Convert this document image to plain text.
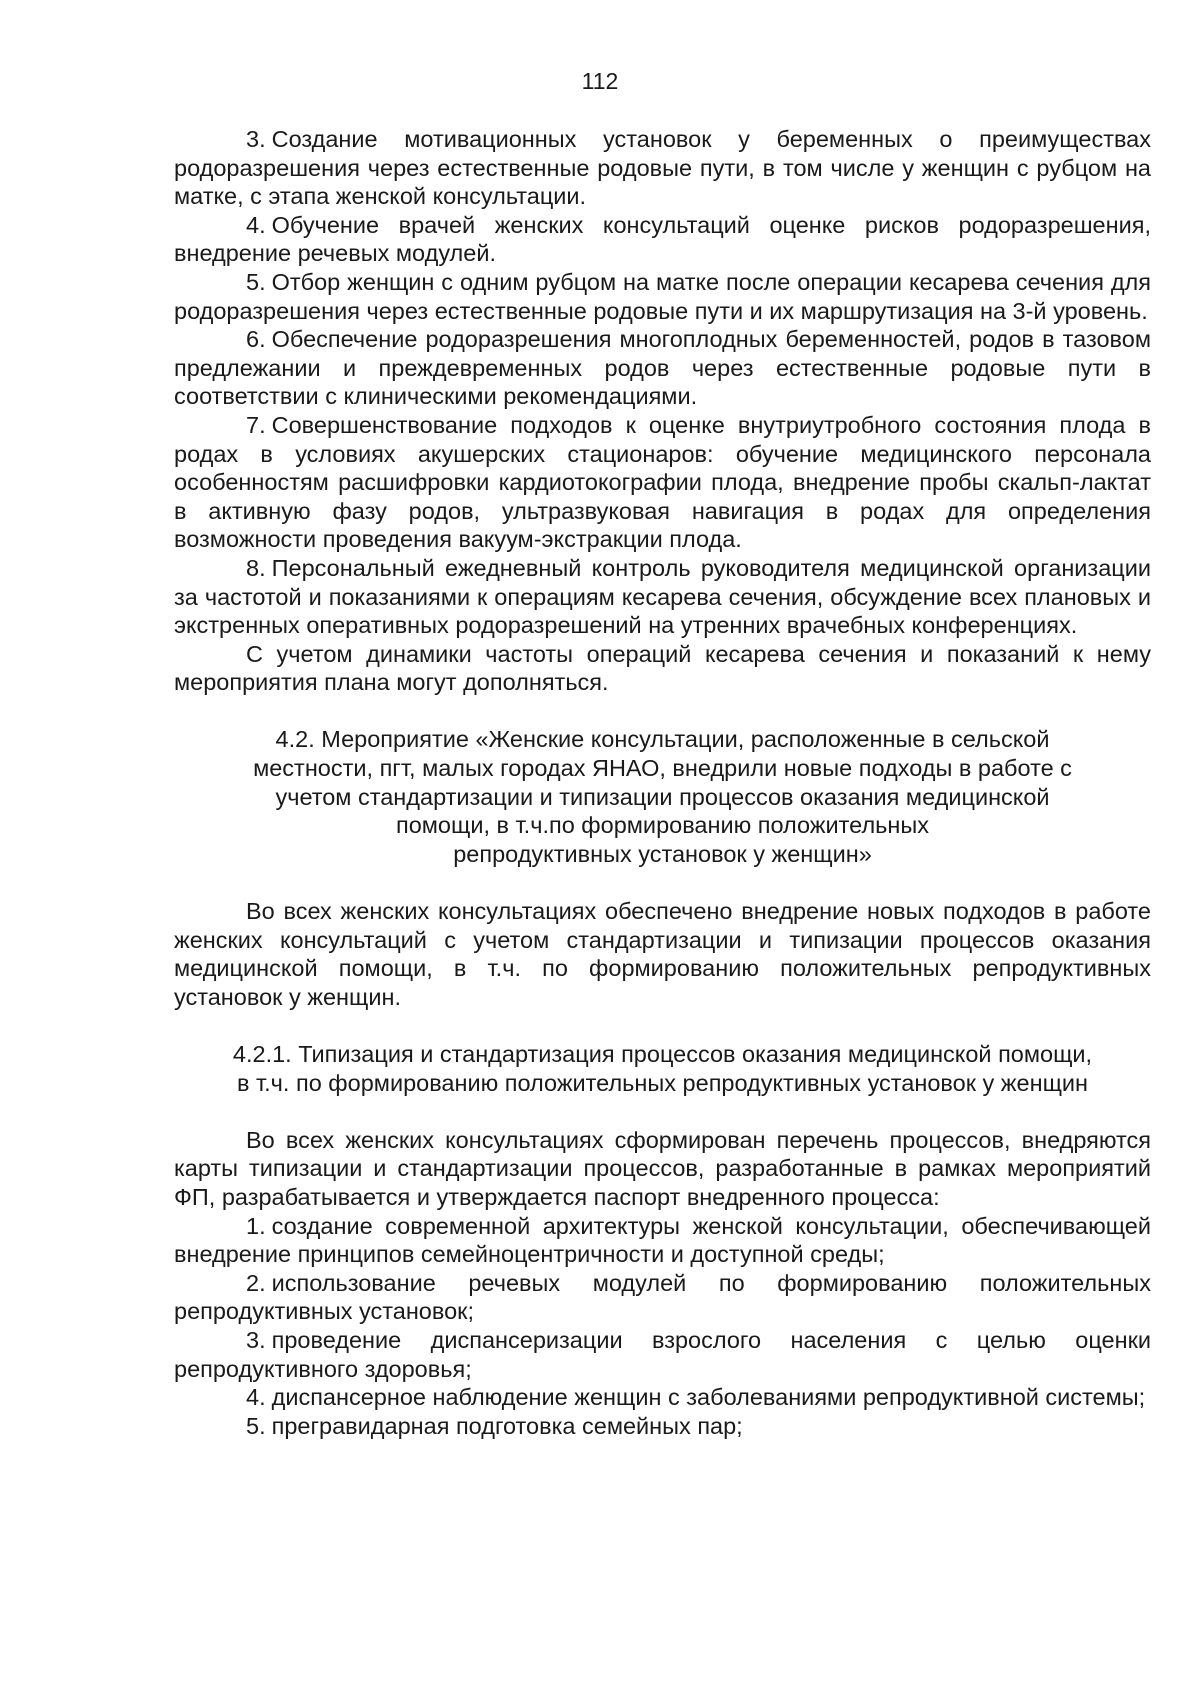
112

3. Создание мотивационных установок у беременных о преимуществах родоразрешения через естественные родовые пути, в том числе у женщин с рубцом на матке, с этапа женской консультации.

4. Обучение врачей женских консультаций оценке рисков родоразрешения, внедрение речевых модулей.

5. Отбор женщин с одним рубцом на матке после операции кесарева сечения для родоразрешения через естественные родовые пути и их маршрутизация на 3-й уровень.

6. Обеспечение родоразрешения многоплодных беременностей, родов в тазовом предлежании и преждевременных родов через естественные родовые пути в соответствии с клиническими рекомендациями.

7. Совершенствование подходов к оценке внутриутробного состояния плода в родах в условиях акушерских стационаров: обучение медицинского персонала особенностям расшифровки кардиотокографии плода, внедрение пробы скальп-лактат в активную фазу родов, ультразвуковая навигация в родах для определения возможности проведения вакуум-экстракции плода.

8. Персональный ежедневный контроль руководителя медицинской организации за частотой и показаниями к операциям кесарева сечения, обсуждение всех плановых и экстренных оперативных родоразрешений на утренних врачебных конференциях.

С учетом динамики частоты операций кесарева сечения и показаний к нему мероприятия плана могут дополняться.

4.2. Мероприятие «Женские консультации, расположенные в сельской
местности, пгт, малых городах ЯНАО, внедрили новые подходы в работе с
учетом стандартизации и типизации процессов оказания медицинской
помощи, в т.ч.по формированию положительных
репродуктивных установок у женщин»

Во всех женских консультациях обеспечено внедрение новых подходов в работе женских консультаций с учетом стандартизации и типизации процессов оказания медицинской помощи, в т.ч. по формированию положительных репродуктивных установок у женщин.

4.2.1. Типизация и стандартизация процессов оказания медицинской помощи,
в т.ч. по формированию положительных репродуктивных установок у женщин

Во всех женских консультациях сформирован перечень процессов, внедряются карты типизации и стандартизации процессов, разработанные в рамках мероприятий ФП, разрабатывается и утверждается паспорт внедренного процесса:

1. создание современной архитектуры женской консультации, обеспечивающей внедрение принципов семейноцентричности и доступной среды;

2. использование речевых модулей по формированию положительных репродуктивных установок;

3. проведение диспансеризации взрослого населения с целью оценки репродуктивного здоровья;

4. диспансерное наблюдение женщин с заболеваниями репродуктивной системы;

5. прегравидарная подготовка семейных пар;
